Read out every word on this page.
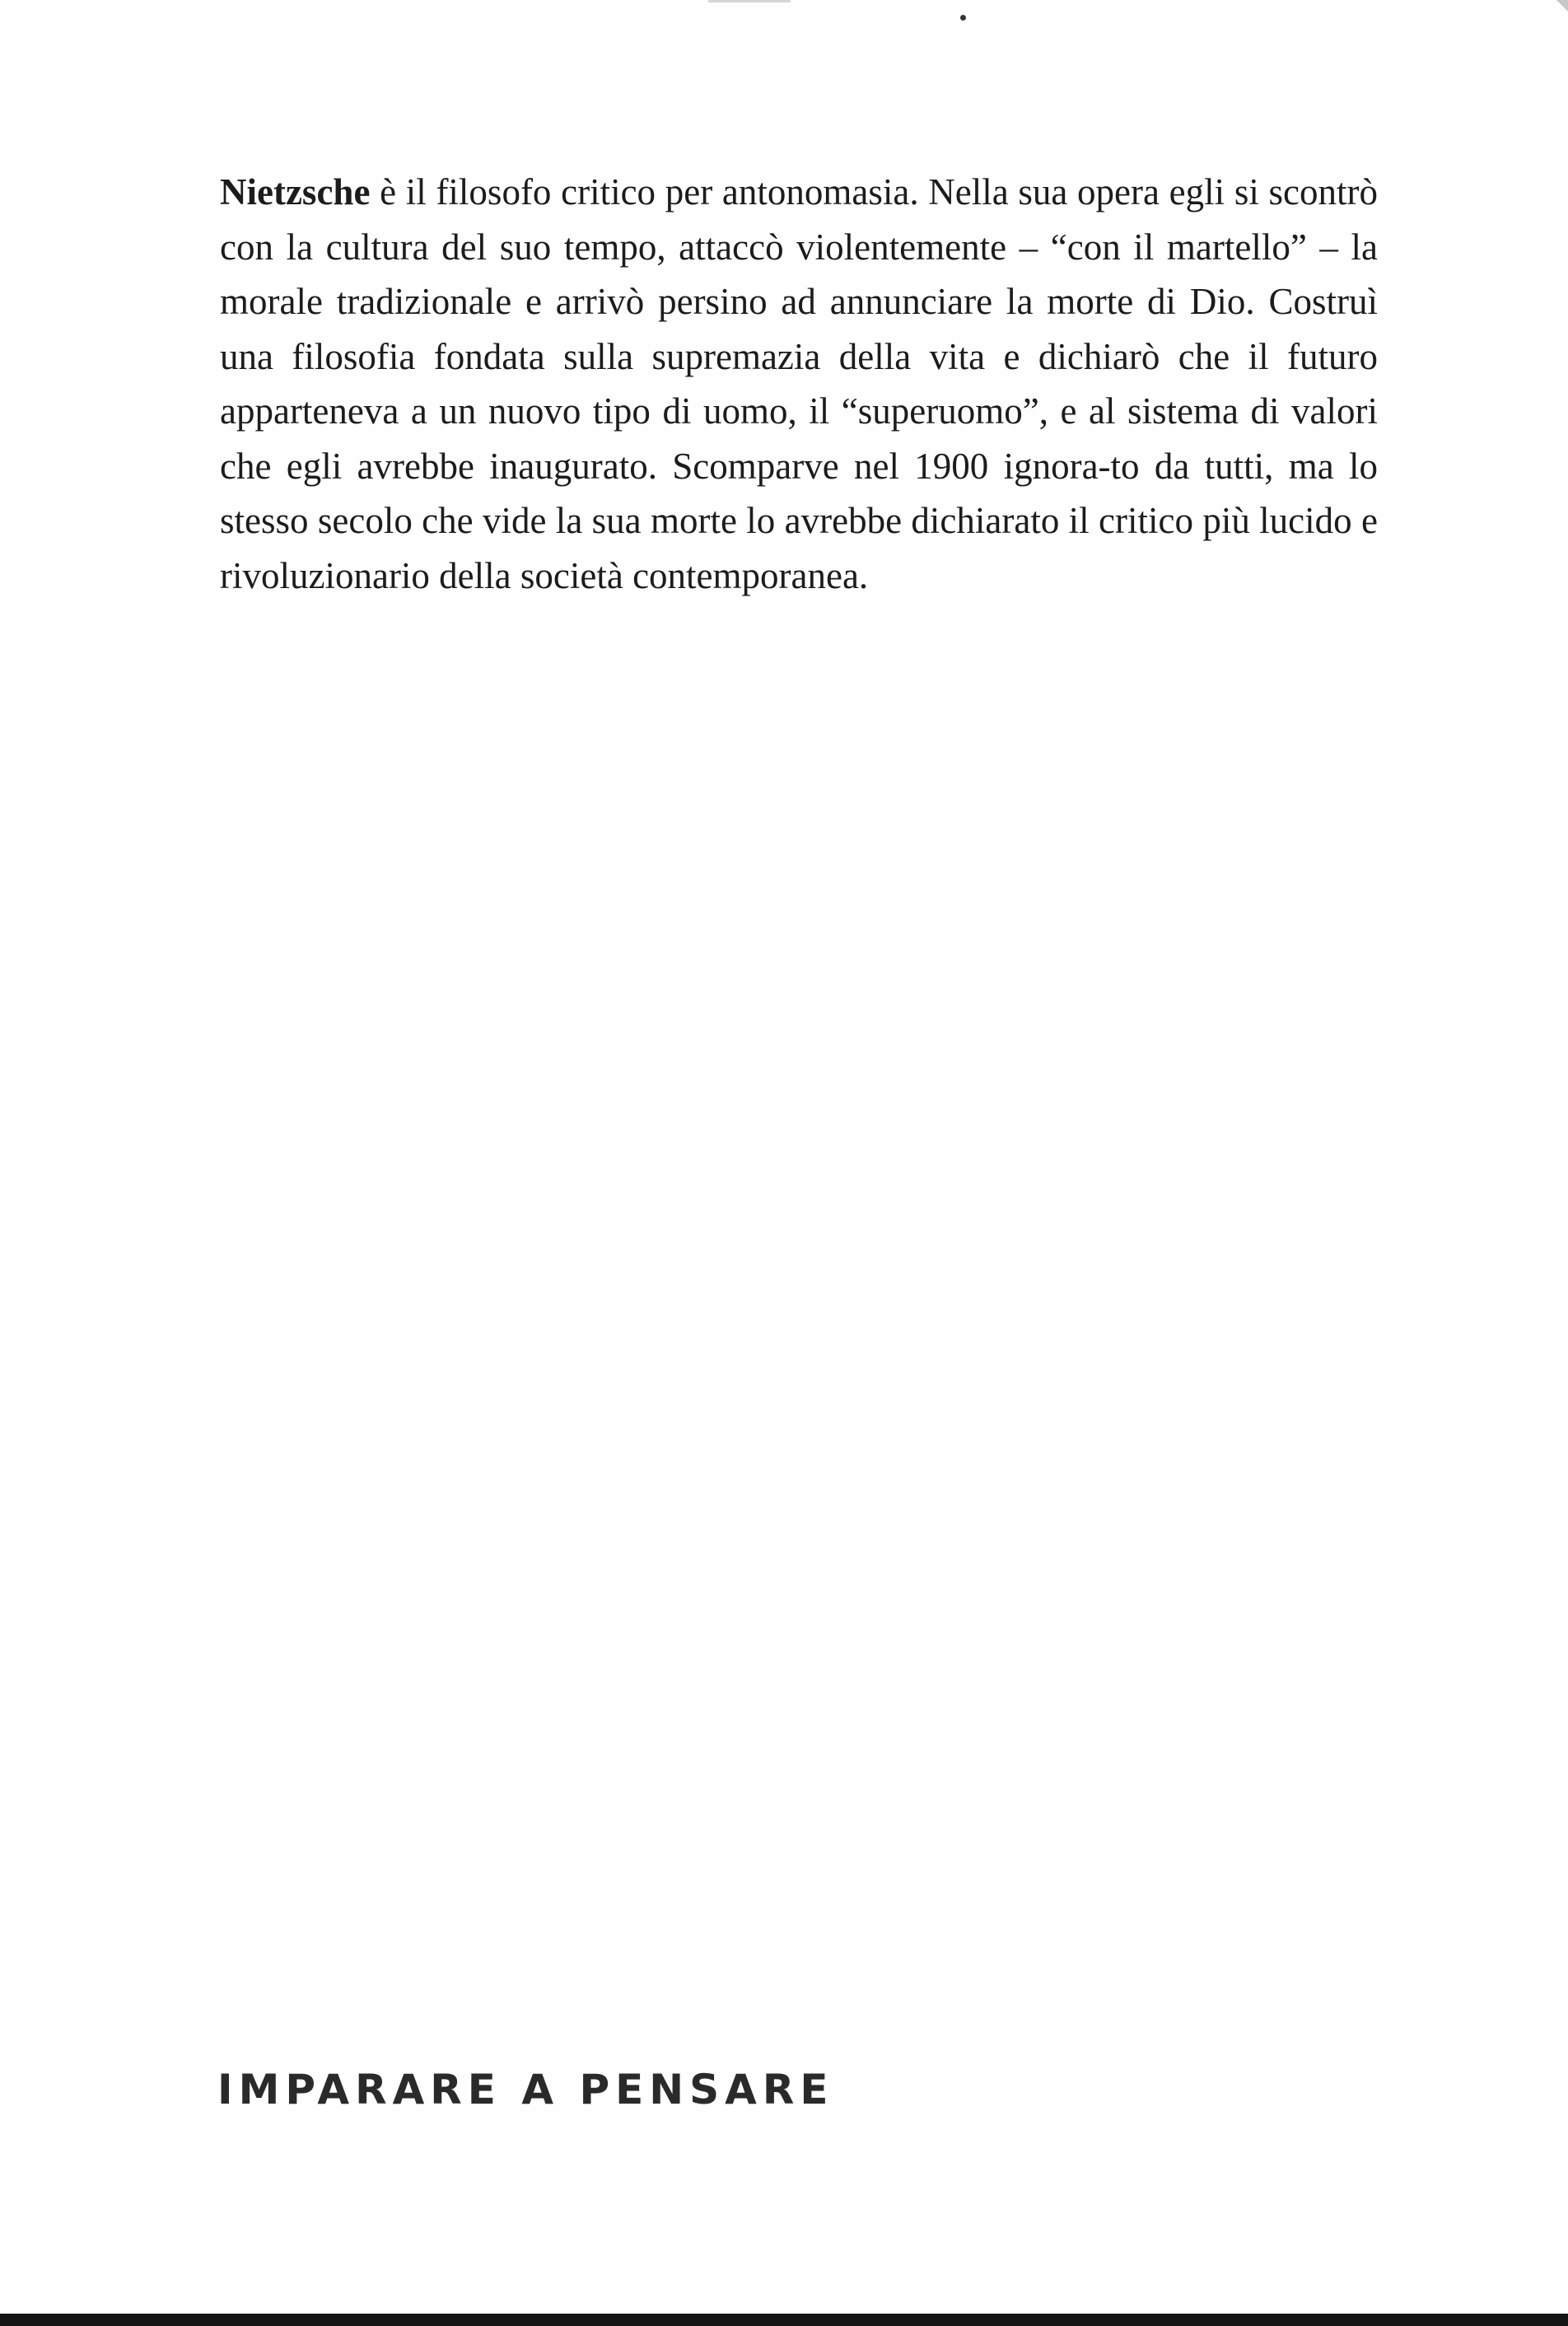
Nietzsche è il filosofo critico per antonomasia. Nella sua opera egli si scontrò con la cultura del suo tempo, attaccò violentemente – “con il martello” – la morale tradizionale e arrivò persino ad annunciare la morte di Dio. Costruì una filosofia fondata sulla supremazia della vita e dichiarò che il futuro apparteneva a un nuovo tipo di uomo, il “superuomo”, e al sistema di valori che egli avrebbe inaugurato. Scomparve nel 1900 ignora-to da tutti, ma lo stesso secolo che vide la sua morte lo avrebbe dichiarato il critico più lucido e rivoluzionario della società contemporanea.

IMPARARE A PENSARE
